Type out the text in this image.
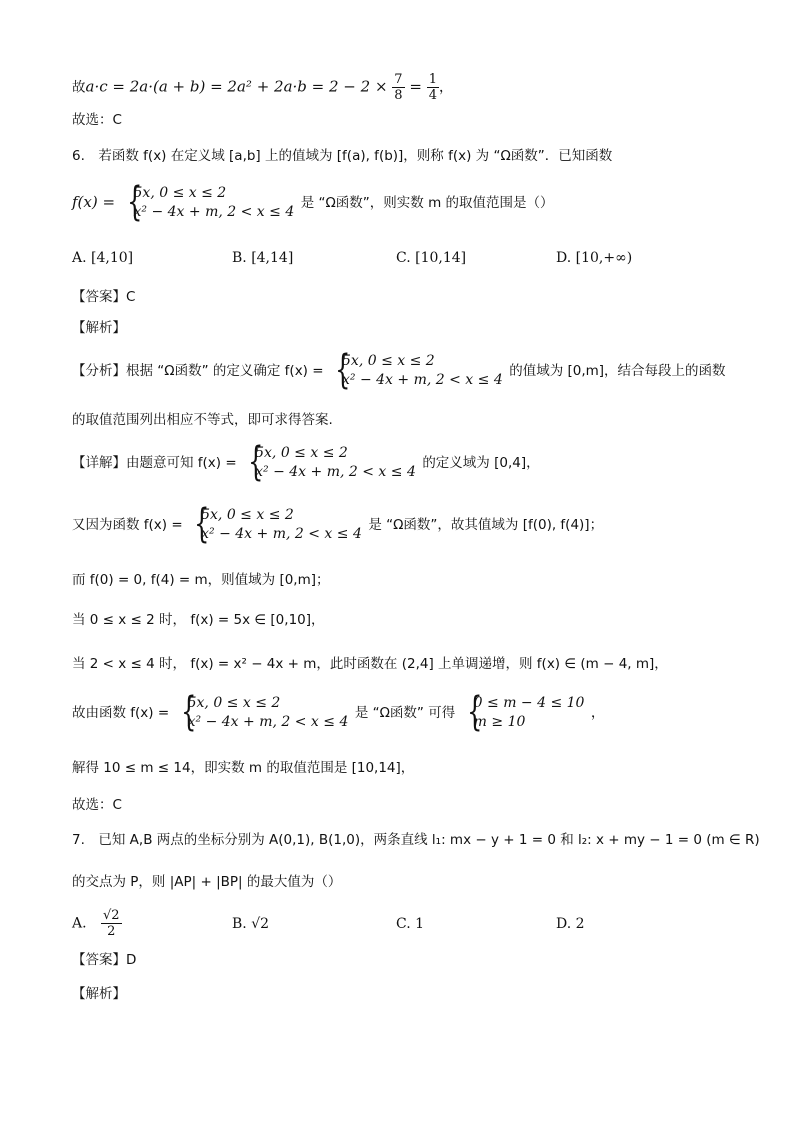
故$a\cdot c = 2a\cdot(a + b) = 2a^2 + 2a\cdot b = 2 - 2 \times \frac{7}{8} = \frac{1}{4}$ ，
故选：C
6.　若函数 f(x) 在定义域 [a,b] 上的值域为 [f(a), f(b)]，则称 f(x) 为 “Ω函数”．已知函数
f(x) = {
5x, 0 ≤ x ≤ 2
x² − 4x + m, 2 < x ≤ 4
是 “Ω函数”，则实数 m 的取值范围是（）
A. [4,10]	B. [4,14]	C. [10,14]	D. [10,+∞)
【答案】C
【解析】
【分析】根据 “Ω函数” 的定义确定 f(x) = {
5x, 0 ≤ x ≤ 2
x² − 4x + m, 2 < x ≤ 4
的值域为 [0,m]，结合每段上的函数
的取值范围列出相应不等式，即可求得答案.
【详解】由题意可知 f(x) = {
5x, 0 ≤ x ≤ 2
x² − 4x + m, 2 < x ≤ 4
的定义域为 [0,4]，
又因为函数 f(x) = {
5x, 0 ≤ x ≤ 2
x² − 4x + m, 2 < x ≤ 4
是 “Ω函数”，故其值域为 [f(0), f(4)]；
而 f(0) = 0, f(4) = m，则值域为 [0,m]；
当 0 ≤ x ≤ 2 时， f(x) = 5x ∈ [0,10]，
当 2 < x ≤ 4 时， f(x) = x² − 4x + m，此时函数在 (2,4] 上单调递增，则 f(x) ∈ (m − 4, m]，
故由函数 f(x) = {
5x, 0 ≤ x ≤ 2
x² − 4x + m, 2 < x ≤ 4
是 “Ω函数” 可得 {
0 ≤ m − 4 ≤ 10
m ≥ 10
，
解得 10 ≤ m ≤ 14，即实数 m 的取值范围是 [10,14]，
故选：C
7.　已知 A,B 两点的坐标分别为 A(0,1), B(1,0)，两条直线 l₁: mx − y + 1 = 0 和 l₂: x + my − 1 = 0 (m ∈ R)
的交点为 P，则 |AP| + |BP| 的最大值为（）
A. $\frac{√2}{2}$	B. √2	C. 1	D. 2
【答案】D
【解析】
